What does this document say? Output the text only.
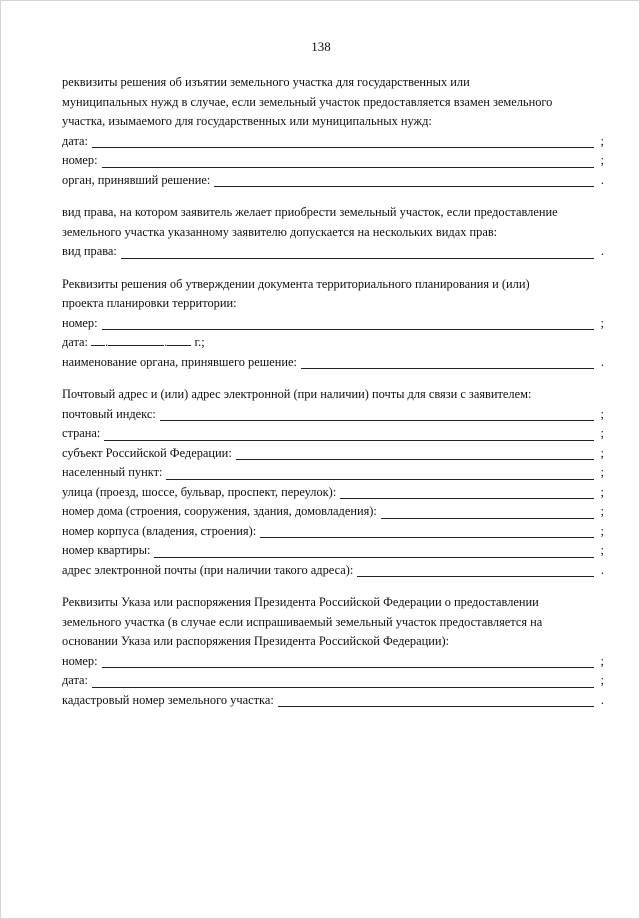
138
реквизиты решения об изъятии земельного участка для государственных или
муниципальных нужд в случае, если земельный участок предоставляется взамен земельного
участка, изымаемого для государственных или муниципальных нужд:
дата:	;
номер:	;
орган, принявший решение:	.
вид права, на котором заявитель желает приобрести земельный участок, если предоставление
земельного участка указанному заявителю допускается на нескольких видах прав:
вид права:	.
Реквизиты решения об утверждении документа территориального планирования и (или)
проекта планировки территории:
номер:	;
дата: .	. г.;
наименование органа, принявшего решение:	.
Почтовый адрес и (или) адрес электронной (при наличии) почты для связи с заявителем:
почтовый индекс:	;
страна:	;
субъект Российской Федерации:	;
населенный пункт:	;
улица (проезд, шоссе, бульвар, проспект, переулок):	;
номер дома (строения, сооружения, здания, домовладения):	;
номер корпуса (владения, строения):	;
номер квартиры:	;
адрес электронной почты (при наличии такого адреса):	.
Реквизиты Указа или распоряжения Президента Российской Федерации о предоставлении
земельного участка (в случае если испрашиваемый земельный участок предоставляется на
основании Указа или распоряжения Президента Российской Федерации):
номер:	;
дата:	;
кадастровый номер земельного участка:	.
